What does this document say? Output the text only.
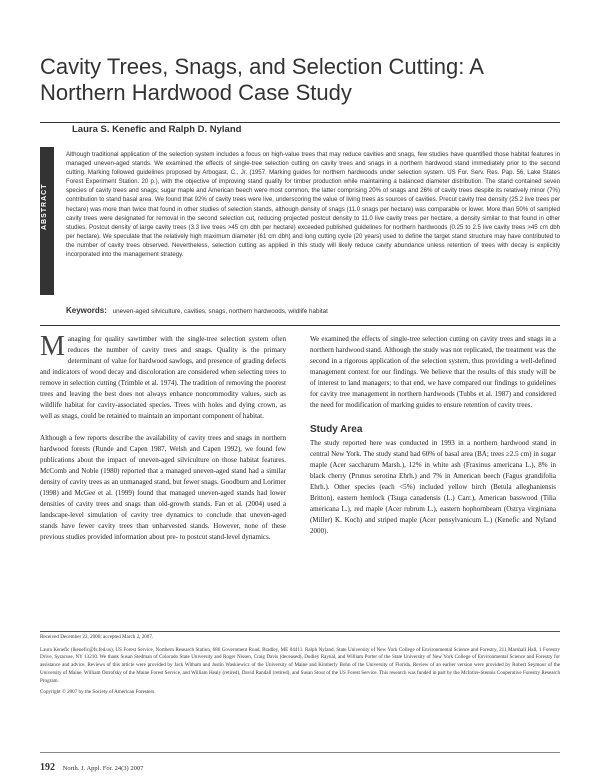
Cavity Trees, Snags, and Selection Cutting: A Northern Hardwood Case Study
Laura S. Kenefic and Ralph D. Nyland
Although traditional application of the selection system includes a focus on high-value trees that may reduce cavities and snags, few studies have quantified those habitat features in managed uneven-aged stands. We examined the effects of single-tree selection cutting on cavity trees and snags in a northern hardwood stand immediately prior to the second cutting. Marking followed guidelines proposed by Arbogast, C., Jr. (1957. Marking guides for northern hardwoods under selection system. US For. Serv. Res. Pap. 56, Lake States Forest Experiment Station. 20 p.), with the objective of improving stand quality for timber production while maintaining a balanced diameter distribution. The stand contained seven species of cavity trees and snags; sugar maple and American beech were most common, the latter comprising 20% of snags and 26% of cavity trees despite its relatively minor (7%) contribution to stand basal area. We found that 92% of cavity trees were live, underscoring the value of living trees as sources of cavities. Precut cavity tree density (25.2 live trees per hectare) was more than twice that found in other studies of selection stands, although density of snags (11.0 snags per hectare) was comparable or lower. More than 50% of sampled cavity trees were designated for removal in the second selection cut, reducing projected postcut density to 11.0 live cavity trees per hectare, a density similar to that found in other studies. Postcut density of large cavity trees (3.3 live trees >45 cm dbh per hectare) exceeded published guidelines for northern hardwoods (0.25 to 2.5 live cavity trees >45 cm dbh per hectare). We speculate that the relatively high maximum diameter (61 cm dbh) and long cutting cycle (20 years) used to define the target stand structure may have contributed to the number of cavity trees observed. Nevertheless, selection cutting as applied in this study will likely reduce cavity abundance unless retention of trees with decay is explicitly incorporated into the management strategy.
Keywords: uneven-aged silviculture, cavities, snags, northern hardwoods, wildlife habitat

Managing for quality sawtimber with the single-tree selection system often reduces the number of cavity trees and snags. Quality is the primary determinant of value for hardwood sawlogs, and presence of grading defects and indicators of wood decay and discoloration are considered when selecting trees to remove in selection cutting (Trimble et al. 1974). The tradition of removing the poorest trees and leaving the best does not always enhance noncommodity values, such as wildlife habitat for cavity-associated species. Trees with holes and dying crown, as well as snags, could be retained to maintain an important component of habitat.

Although a few reports describe the availability of cavity trees and snags in northern hardwood forests (Runde and Capen 1987, Welsh and Capen 1992), we found few publications about the impact of uneven-aged silviculture on those habitat features. McComb and Noble (1980) reported that a managed uneven-aged stand had a similar density of cavity trees as an unmanaged stand, but fewer snags. Goodburn and Lorimer (1998) and McGee et al. (1999) found that managed uneven-aged stands had lower densities of cavity trees and snags than old-growth stands. Fan et al. (2004) used a landscape-level simulation of cavity tree dynamics to conclude that uneven-aged stands have fewer cavity trees than unharvested stands. However, none of these previous studies provided information about pre- to postcut stand-level dynamics.

We examined the effects of single-tree selection cutting on cavity trees and snags in a northern hardwood stand. Although the study was not replicated, the treatment was the second in a rigorous application of the selection system, thus providing a well-defined management context for our findings. We believe that the results of this study will be of interest to land managers; to that end, we have compared our findings to guidelines for cavity tree management in northern hardwoods (Tubbs et al. 1987) and considered the need for modification of marking guides to ensure retention of cavity trees.

Study Area

The study reported here was conducted in 1993 in a northern hardwood stand in central New York. The study stand had 60% of basal area (BA; trees ≥2.5 cm) in sugar maple (Acer saccharum Marsh.), 12% in white ash (Fraxinus americana L.), 8% in black cherry (Prunus serotina Ehrh.) and 7% in American beech (Fagus grandifolia Ehrh.). Other species (each <5%) included yellow birch (Betula alleghaniensis Britton), eastern hemlock (Tsuga canadensis (L.) Carr.), American basswood (Tilia americana L.), red maple (Acer rubrum L.), eastern hophornbeam (Ostrya virginiana (Miller) K. Koch) and striped maple (Acer pensylvanicum L.) (Kenefic and Nyland 2000).

Received December 22, 2006; accepted March 2, 2007.
Laura Kenefic (lkenefic@fs.fed.us), US Forest Service, Northern Research Station, 686 Government Road, Bradley, ME 04411. Ralph Nyland, State University of New York College of Environmental Science and Forestry, 211 Marshall Hall, 1 Forestry Drive, Syracuse, NY 13210. We thank Susan Stedman of Colorado State University and Roger Nissen, Craig Davis (deceased), Dudley Raynal, and William Porter of the State University of New York College of Environmental Science and Forestry for assistance and advice. Reviews of this article were provided by Jack Witham and Justin Waskiewicz of the University of Maine and Kimberly Bohn of the University of Florida. Review of an earlier version were provided by Robert Seymour of the University of Maine, William Ostrofsky of the Maine Forest Service, and William Healy (retired), David Randall (retired), and Susan Stout of the US Forest Service. This research was funded in part by the McIntire-Stennis Cooperative Forestry Research Program.
Copyright © 2007 by the Society of American Foresters.
192 North. J. Appl. For. 24(3) 2007
